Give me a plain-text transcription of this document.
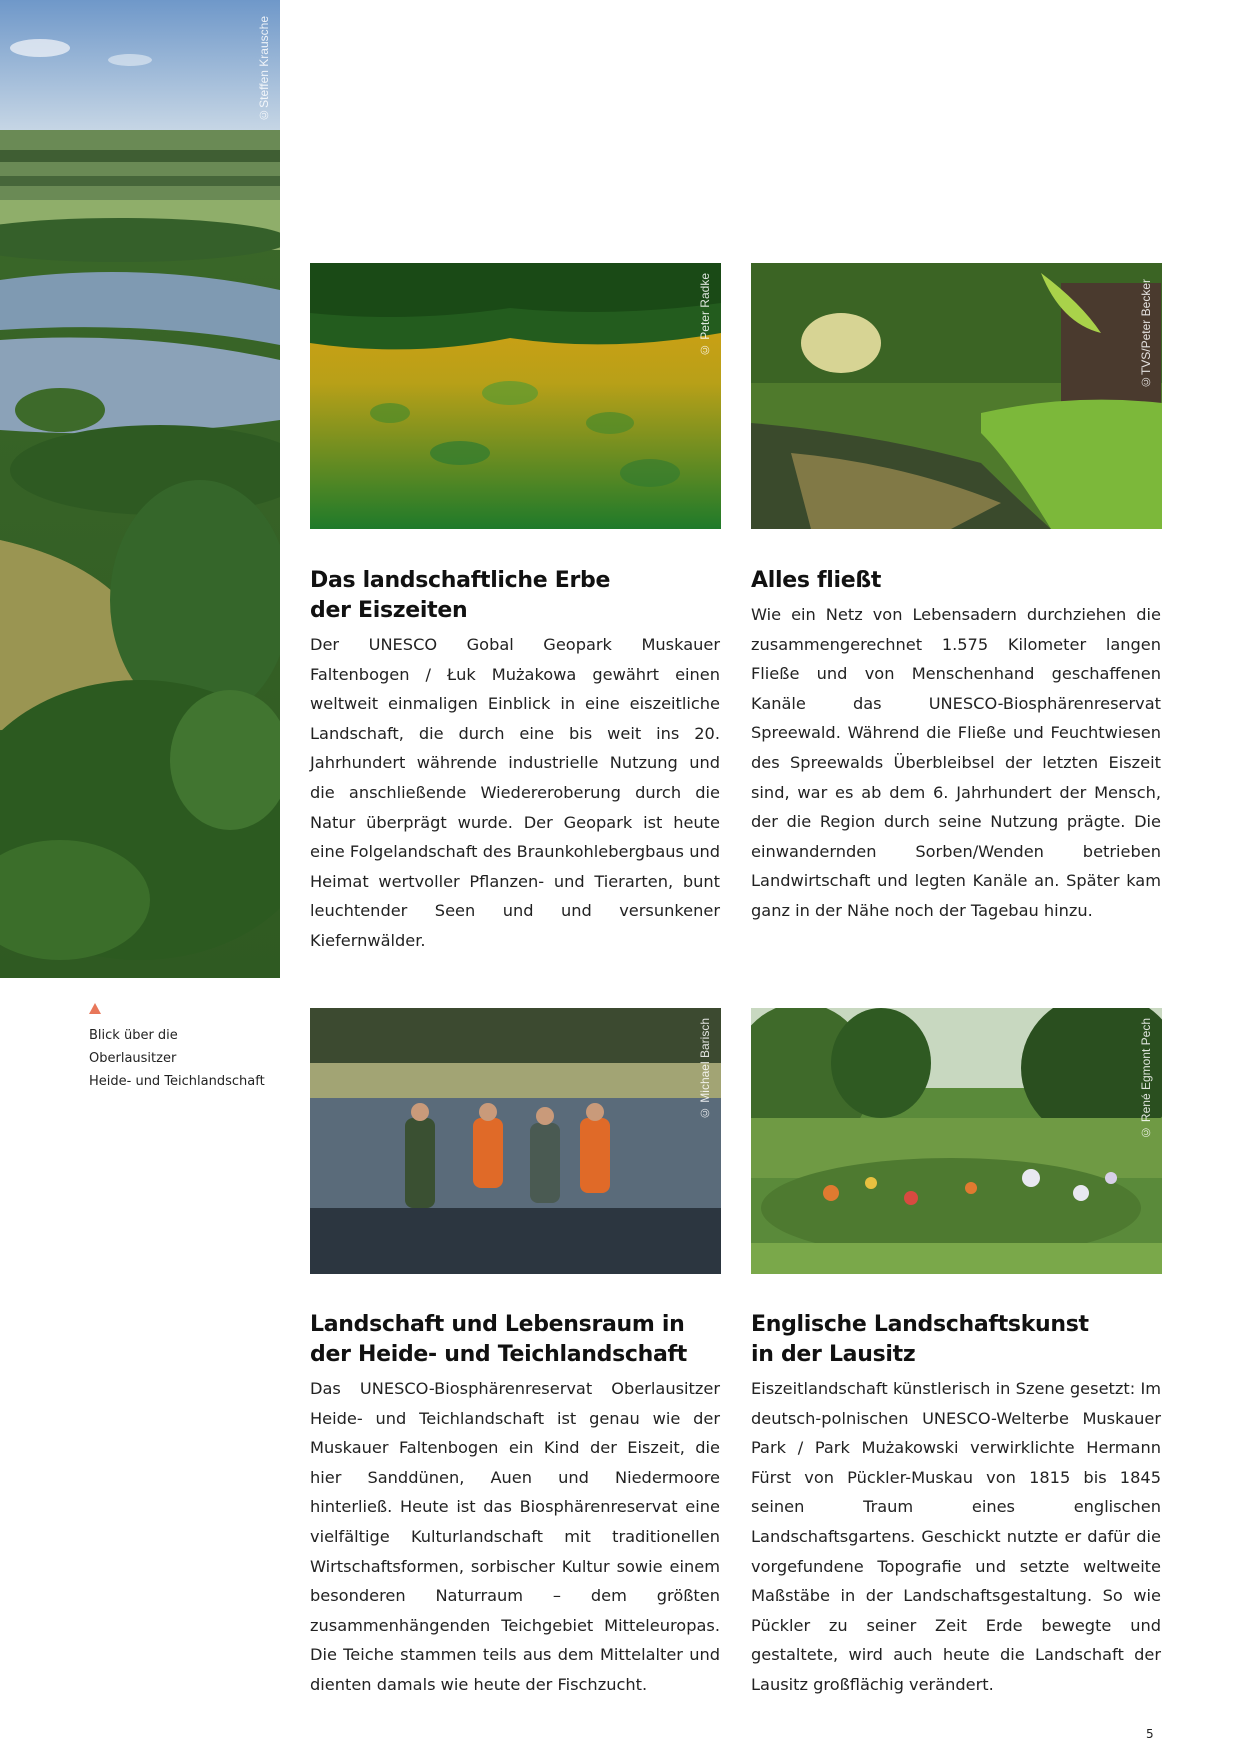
©Steffen Krausche
© Peter Radke	©TVS/Peter Becker
© Michael Barisch	© René Egmont Pech
Blick über die Oberlausitzer
Heide- und Teichlandschaft
Das landschaftliche Erbe
der Eiszeiten

Der UNESCO Gobal Geopark Muskauer Faltenbogen / Łuk Mużakowa gewährt einen weltweit einmaligen Einblick in eine eiszeitliche Landschaft, die durch eine bis weit ins 20. Jahrhundert währende industrielle Nutzung und die anschließende Wiedereroberung durch die Natur überprägt wurde. Der Geopark ist heute eine Folgelandschaft des Braunkohlebergbaus und Heimat wertvoller Pflanzen- und Tierarten, bunt leuchtender Seen und und versunkener Kiefernwälder.

Alles fließt

Wie ein Netz von Lebensadern durchziehen die zusammengerechnet 1.575 Kilometer langen Fließe und von Menschenhand geschaffenen Kanäle das UNESCO-Biosphärenreservat Spreewald. Während die Fließe und Feuchtwiesen des Spreewalds Überbleibsel der letzten Eiszeit sind, war es ab dem 6. Jahrhundert der Mensch, der die Region durch seine Nutzung prägte. Die einwandernden Sorben/Wenden betrieben Landwirtschaft und legten Kanäle an. Später kam ganz in der Nähe noch der Tagebau hinzu.

Landschaft und Lebensraum in
der Heide- und Teichlandschaft

Das UNESCO-Biosphärenreservat Oberlausitzer Heide- und Teichlandschaft ist genau wie der Muskauer Faltenbogen ein Kind der Eiszeit, die hier Sanddünen, Auen und Niedermoore hinterließ. Heute ist das Biosphärenreservat eine vielfältige Kulturlandschaft mit traditionellen Wirtschaftsformen, sorbischer Kultur sowie einem besonderen Naturraum – dem größten zusammenhängenden Teichgebiet Mitteleuropas. Die Teiche stammen teils aus dem Mittelalter und dienten damals wie heute der Fischzucht.

Englische Landschaftskunst
in der Lausitz

Eiszeitlandschaft künstlerisch in Szene gesetzt: Im deutsch-polnischen UNESCO-Welterbe Muskauer Park / Park Mużakowski verwirklichte Hermann Fürst von Pückler-Muskau von 1815 bis 1845 seinen Traum eines englischen Landschaftsgartens. Geschickt nutzte er dafür die vorgefundene Topografie und setzte weltweite Maßstäbe in der Landschaftsgestaltung. So wie Pückler zu seiner Zeit Erde bewegte und gestaltete, wird auch heute die Landschaft der Lausitz großflächig verändert.

5
